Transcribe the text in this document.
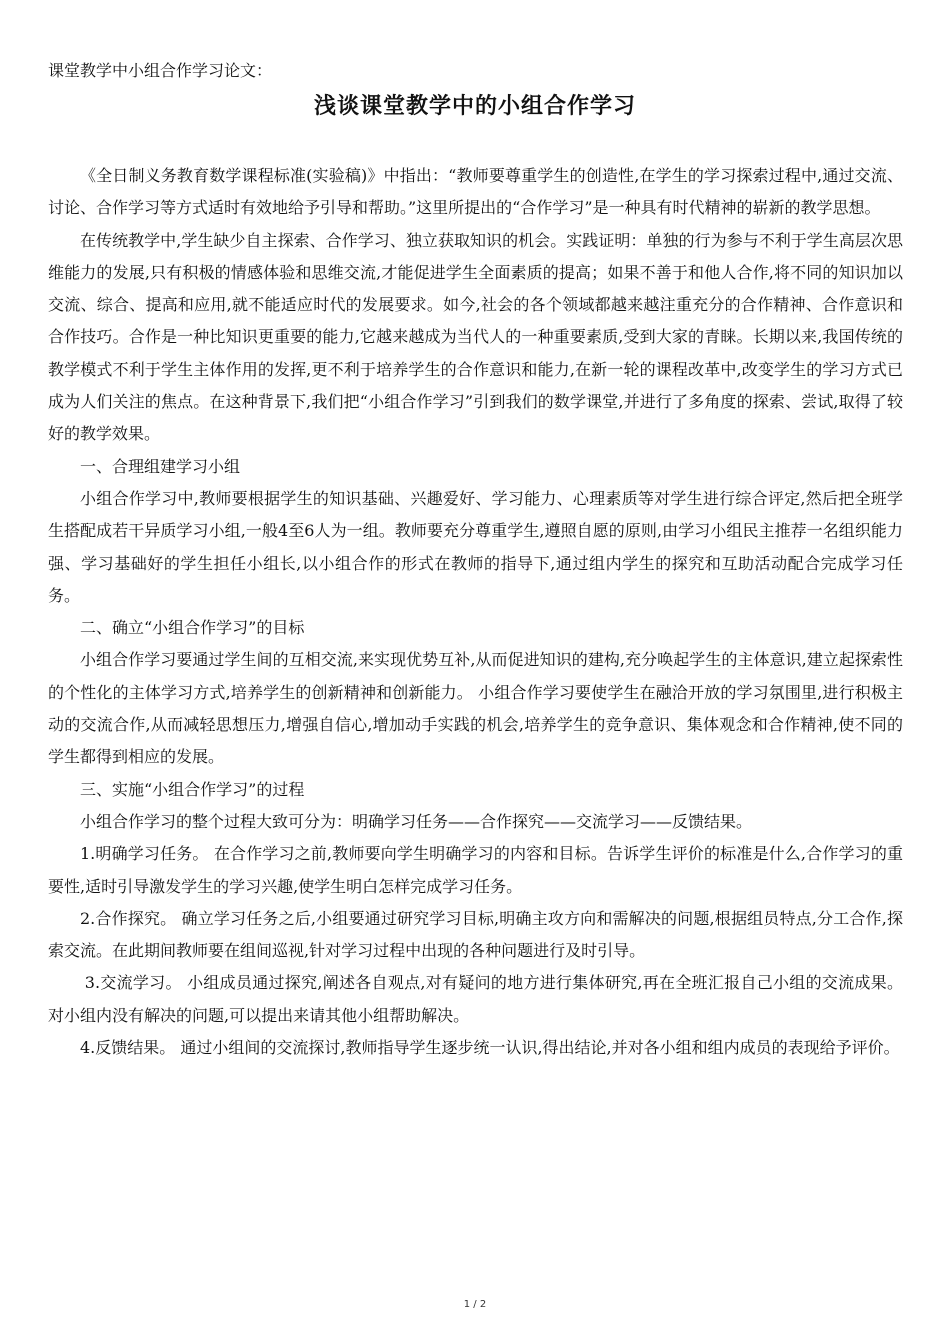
课堂教学中小组合作学习论文：
浅谈课堂教学中的小组合作学习

《全日制义务教育数学课程标准(实验稿)》中指出：“教师要尊重学生的创造性,在学生的学习探索过程中,通过交流、讨论、合作学习等方式适时有效地给予引导和帮助。”这里所提出的“合作学习”是一种具有时代精神的崭新的教学思想。

在传统教学中,学生缺少自主探索、合作学习、独立获取知识的机会。实践证明：单独的行为参与不利于学生高层次思维能力的发展,只有积极的情感体验和思维交流,才能促进学生全面素质的提高；如果不善于和他人合作,将不同的知识加以交流、综合、提高和应用,就不能适应时代的发展要求。如今,社会的各个领域都越来越注重充分的合作精神、合作意识和合作技巧。合作是一种比知识更重要的能力,它越来越成为当代人的一种重要素质,受到大家的青睐。长期以来,我国传统的教学模式不利于学生主体作用的发挥,更不利于培养学生的合作意识和能力,在新一轮的课程改革中,改变学生的学习方式已成为人们关注的焦点。在这种背景下,我们把“小组合作学习”引到我们的数学课堂,并进行了多角度的探索、尝试,取得了较好的教学效果。

一、合理组建学习小组

小组合作学习中,教师要根据学生的知识基础、兴趣爱好、学习能力、心理素质等对学生进行综合评定,然后把全班学生搭配成若干异质学习小组,一般4至6人为一组。教师要充分尊重学生,遵照自愿的原则,由学习小组民主推荐一名组织能力强、学习基础好的学生担任小组长,以小组合作的形式在教师的指导下,通过组内学生的探究和互助活动配合完成学习任务。

二、确立“小组合作学习”的目标

小组合作学习要通过学生间的互相交流,来实现优势互补,从而促进知识的建构,充分唤起学生的主体意识,建立起探索性的个性化的主体学习方式,培养学生的创新精神和创新能力。 小组合作学习要使学生在融洽开放的学习氛围里,进行积极主动的交流合作,从而减轻思想压力,增强自信心,增加动手实践的机会,培养学生的竞争意识、集体观念和合作精神,使不同的学生都得到相应的发展。

三、实施“小组合作学习”的过程

小组合作学习的整个过程大致可分为：明确学习任务——合作探究——交流学习——反馈结果。

1.明确学习任务。 在合作学习之前,教师要向学生明确学习的内容和目标。告诉学生评价的标准是什么,合作学习的重要性,适时引导激发学生的学习兴趣,使学生明白怎样完成学习任务。

2.合作探究。 确立学习任务之后,小组要通过研究学习目标,明确主攻方向和需解决的问题,根据组员特点,分工合作,探索交流。在此期间教师要在组间巡视,针对学习过程中出现的各种问题进行及时引导。

3.交流学习。 小组成员通过探究,阐述各自观点,对有疑问的地方进行集体研究,再在全班汇报自己小组的交流成果。对小组内没有解决的问题,可以提出来请其他小组帮助解决。

4.反馈结果。 通过小组间的交流探讨,教师指导学生逐步统一认识,得出结论,并对各小组和组内成员的表现给予评价。

1 / 2
